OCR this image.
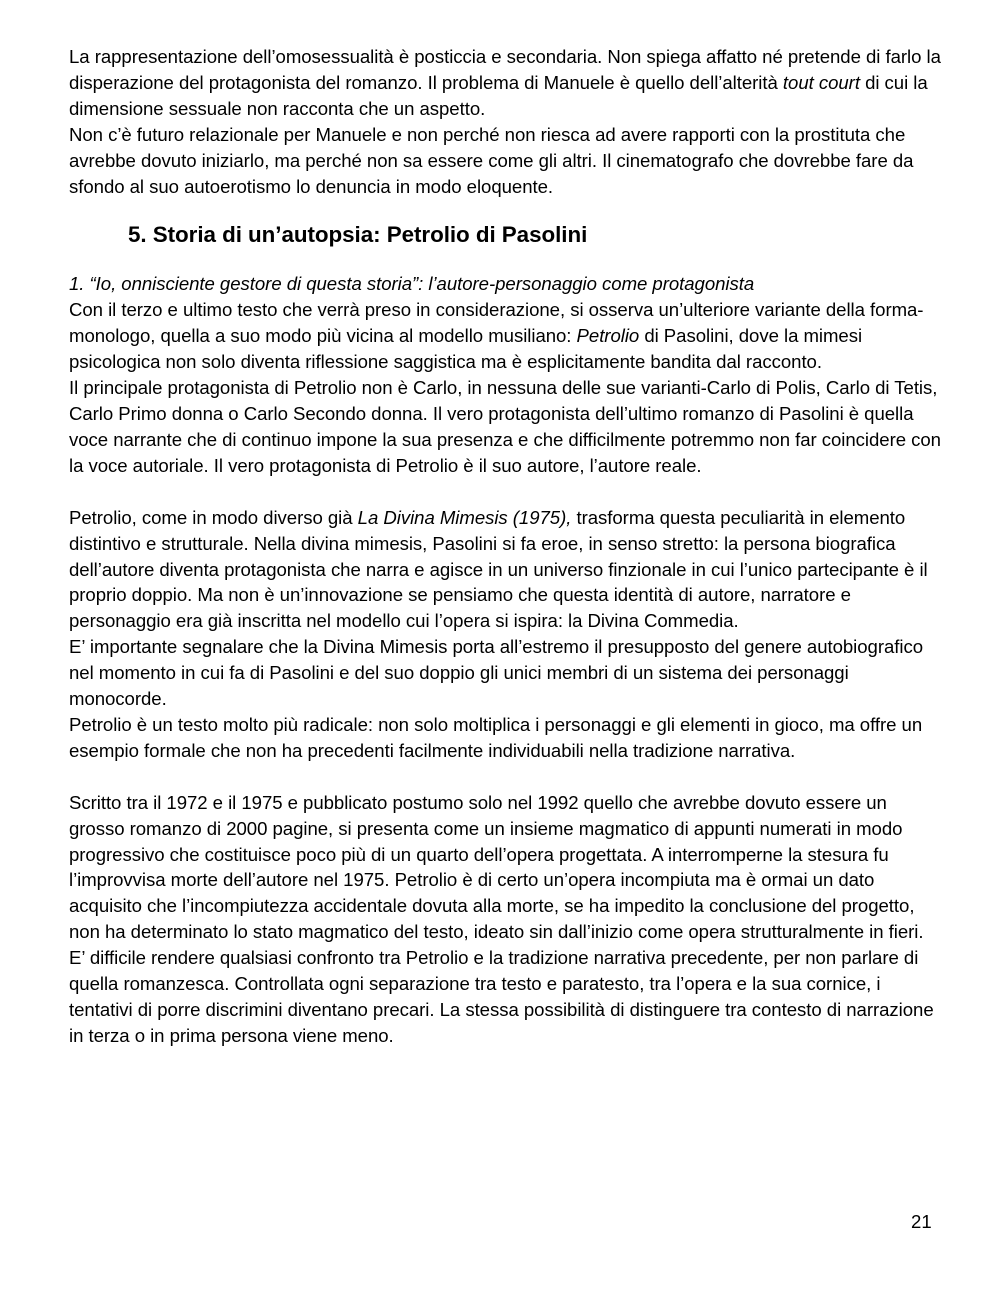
La rappresentazione dell’omosessualità è posticcia e secondaria. Non spiega affatto né pretende di farlo la disperazione del protagonista del romanzo. Il problema di Manuele è quello dell’alterità tout court di cui la dimensione sessuale non racconta che un aspetto.

Non c’è futuro relazionale per Manuele e non perché non riesca ad avere rapporti con la prostituta che avrebbe dovuto iniziarlo, ma perché non sa essere come gli altri. Il cinematografo che dovrebbe fare da sfondo al suo autoerotismo lo denuncia in modo eloquente.

5. Storia di un’autopsia: Petrolio di Pasolini

1. “Io, onnisciente gestore di questa storia”: l’autore-personaggio come protagonista

Con il terzo e ultimo testo che verrà preso in considerazione, si osserva un’ulteriore variante della forma-monologo, quella a suo modo più vicina al modello musiliano: Petrolio di Pasolini, dove la mimesi psicologica non solo diventa riflessione saggistica ma è esplicitamente bandita dal racconto.

Il principale protagonista di Petrolio non è Carlo, in nessuna delle sue varianti-Carlo di Polis, Carlo di Tetis, Carlo Primo donna o Carlo Secondo donna. Il vero protagonista dell’ultimo romanzo di Pasolini è quella voce narrante che di continuo impone la sua presenza e che difficilmente potremmo non far coincidere con la voce autoriale. Il vero protagonista di Petrolio è il suo autore, l’autore reale.

Petrolio, come in modo diverso già La Divina Mimesis (1975), trasforma questa peculiarità in elemento distintivo e strutturale. Nella divina mimesis, Pasolini si fa eroe, in senso stretto: la persona biografica dell’autore diventa protagonista che narra e agisce in un universo finzionale in cui l’unico partecipante è il proprio doppio. Ma non è un’innovazione se pensiamo che questa identità di autore, narratore e personaggio era già inscritta nel modello cui l’opera si ispira: la Divina Commedia.

E’ importante segnalare che la Divina Mimesis porta all’estremo il presupposto del genere autobiografico nel momento in cui fa di Pasolini e del suo doppio gli unici membri di un sistema dei personaggi monocorde.

Petrolio è un testo molto più radicale: non solo moltiplica i personaggi e gli elementi in gioco, ma offre un esempio formale che non ha precedenti facilmente individuabili nella tradizione narrativa.

Scritto tra il 1972 e il 1975 e pubblicato postumo solo nel 1992 quello che avrebbe dovuto essere un grosso romanzo di 2000 pagine, si presenta come un insieme magmatico di appunti numerati in modo progressivo che costituisce poco più di un quarto dell’opera progettata. A interromperne la stesura fu l’improvvisa morte dell’autore nel 1975. Petrolio è di certo un’opera incompiuta ma è ormai un dato acquisito che l’incompiutezza accidentale dovuta alla morte, se ha impedito la conclusione del progetto, non ha determinato lo stato magmatico del testo, ideato sin dall’inizio come opera strutturalmente in fieri.

E’ difficile rendere qualsiasi confronto tra Petrolio e la tradizione narrativa precedente, per non parlare di quella romanzesca. Controllata ogni separazione tra testo e paratesto, tra l’opera e la sua cornice, i tentativi di porre discrimini diventano precari. La stessa possibilità di distinguere tra contesto di narrazione in terza o in prima persona viene meno.

21
